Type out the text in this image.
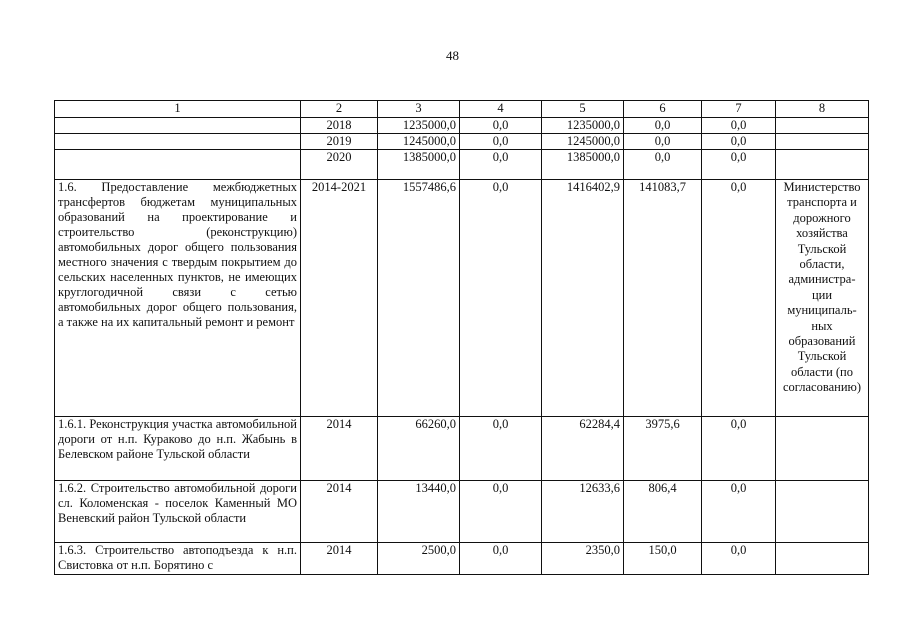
48
1	2	3	4	5	6	7	8
	2018	1235000,0	0,0	1235000,0	0,0	0,0	
	2019	1245000,0	0,0	1245000,0	0,0	0,0	
	2020	1385000,0	0,0	1385000,0	0,0	0,0	
1.6. Предоставление межбюджетных трансфертов бюджетам муниципальных образований на проектирование и строительство (реконструкцию) автомобильных дорог общего пользования местного значения с твердым покрытием до сельских населенных пунктов, не имеющих круглогодичной связи с сетью автомобильных дорог общего пользования, а также на их капитальный ремонт и ремонт	2014-2021	1557486,6	0,0	1416402,9	141083,7	0,0	Министерство транспорта и дорожного хозяйства Тульской области, администра-ции муниципаль-ных образований Тульской области (по согласованию)
1.6.1. Реконструкция участка автомобильной дороги от н.п. Кураково до н.п. Жабынь в Белевском районе Тульской области	2014	66260,0	0,0	62284,4	3975,6	0,0	
1.6.2. Строительство автомобильной дороги сл. Коломенская - поселок Каменный МО Веневский район Тульской области	2014	13440,0	0,0	12633,6	806,4	0,0	
1.6.3. Строительство автоподъезда к н.п. Свистовка от н.п. Борятино с	2014	2500,0	0,0	2350,0	150,0	0,0	
